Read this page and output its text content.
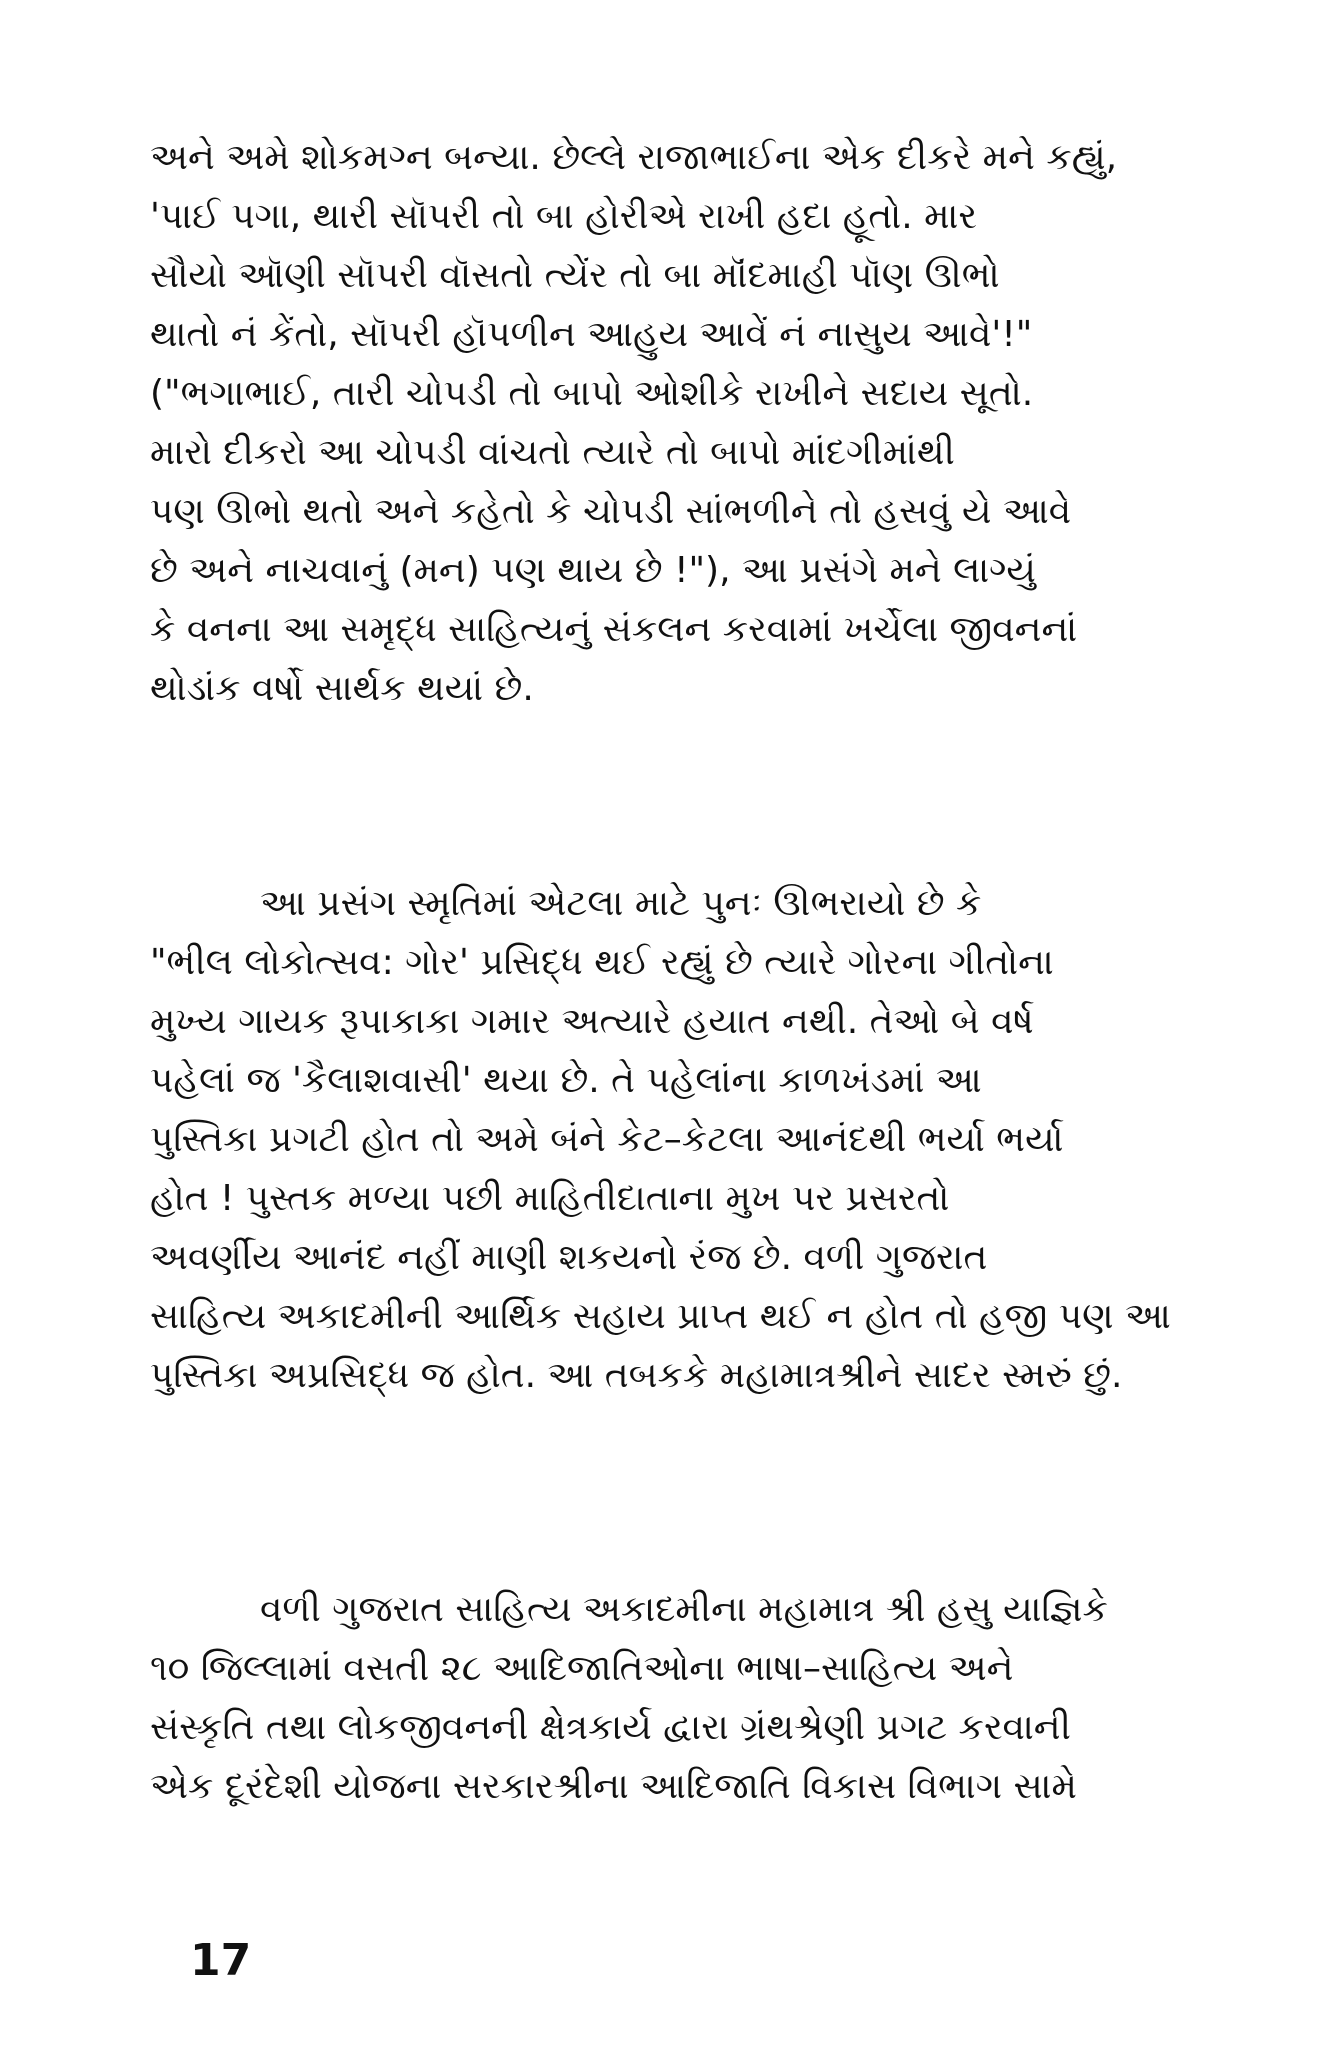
અને અમે શોકમગ્ન બન્યા. છેલ્લે રાજાભાઈના એક દીકરે મને કહ્યું,
'પાઈ પગા, થારી સૉપરી તો બા હોરીએ રાખી હદા હૂતો. માર
સૌયો ઑણી સૉપરી વૉસતો ત્યેંર તો બા મૉંદમાહી પૉણ ઊભો
થાતો નં કેંતો, સૉપરી હૉપળીન આહુય આવેં નં નાસુય આવે'!"
("ભગાભાઈ, તારી ચોપડી તો બાપો ઓશીકે રાખીને સદાય સૂતો.
મારો દીકરો આ ચોપડી વાંચતો ત્યારે તો બાપો માંદગીમાંથી
પણ ઊભો થતો અને કહેતો કે ચોપડી સાંભળીને તો હસવું યે આવે
છે અને નાચવાનું (મન) પણ થાય છે !"), આ પ્રસંગે મને લાગ્યું
કે વનના આ સમૃદ્ધ સાહિત્યનું સંકલન કરવામાં ખર્ચેલા જીવનનાં
થોડાંક વર્ષો સાર્થક થયાં છે.
આ પ્રસંગ સ્મૃતિમાં એટલા માટે પુનઃ ઊભરાયો છે કે
"ભીલ લોકોત્સવ: ગોર' પ્રસિદ્ધ થઈ રહ્યું છે ત્યારે ગોરના ગીતોના
મુખ્ય ગાયક રૂપાકાકા ગમાર અત્યારે હયાત નથી. તેઓ બે વર્ષ
પહેલાં જ 'કૈલાશવાસી' થયા છે. તે પહેલાંના કાળખંડમાં આ
પુસ્તિકા પ્રગટી હોત તો અમે બંને કેટ–કેટલા આનંદથી ભર્યા ભર્યા
હોત ! પુસ્તક મળ્યા પછી માહિતીદાતાના મુખ પર પ્રસરતો
અવર્ણીય આનંદ નહીં માણી શકયનો રંજ છે. વળી ગુજરાત
સાહિત્ય અકાદમીની આર્થિક સહાય પ્રાપ્ત થઈ ન હોત તો હજી પણ આ
પુસ્તિકા અપ્રસિદ્ધ જ હોત. આ તબકકે મહામાત્રશ્રીને સાદર સ્મરું છું.
વળી ગુજરાત સાહિત્ય અકાદમીના મહામાત્ર શ્રી હસુ યાજ્ઞિકે
૧૦ જિલ્લામાં વસતી ૨૮ આદિજાતિઓના ભાષા–સાહિત્ય અને
સંસ્કૃતિ તથા લોકજીવનની ક્ષેત્રકાર્ય દ્વારા ગ્રંથશ્રેણી પ્રગટ કરવાની
એક દૂરંદેશી યોજના સરકારશ્રીના આદિજાતિ વિકાસ વિભાગ સામે
17
